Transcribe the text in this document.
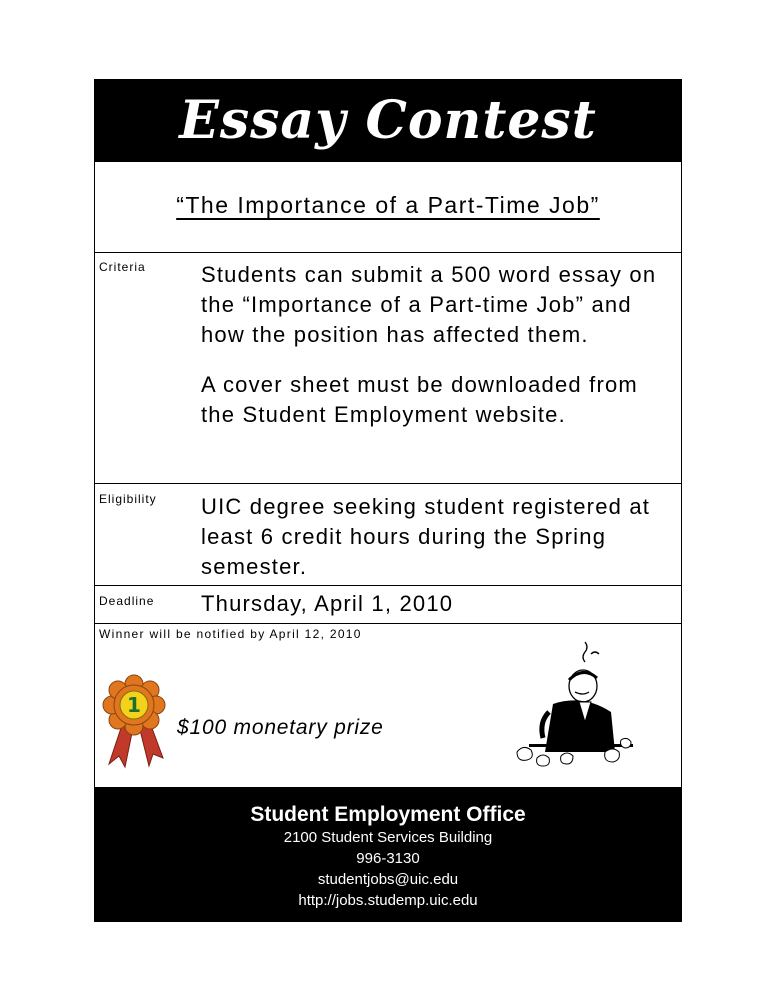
Essay Contest
“The Importance of a Part-Time Job”
Criteria	Students can submit a 500 word essay on the “Importance of a Part-time Job” and how the position has affected them.

A cover sheet must be downloaded from the Student Employment website.

Eligibility UIC degree seeking student registered at least 6 credit hours during the Spring semester.
Deadline Thursday, April 1, 2010
Winner will be notified by April 12, 2010
1
$100 monetary prize
Student Employment Office
2100 Student Services Building
996-3130
studentjobs@uic.edu
http://jobs.studemp.uic.edu
